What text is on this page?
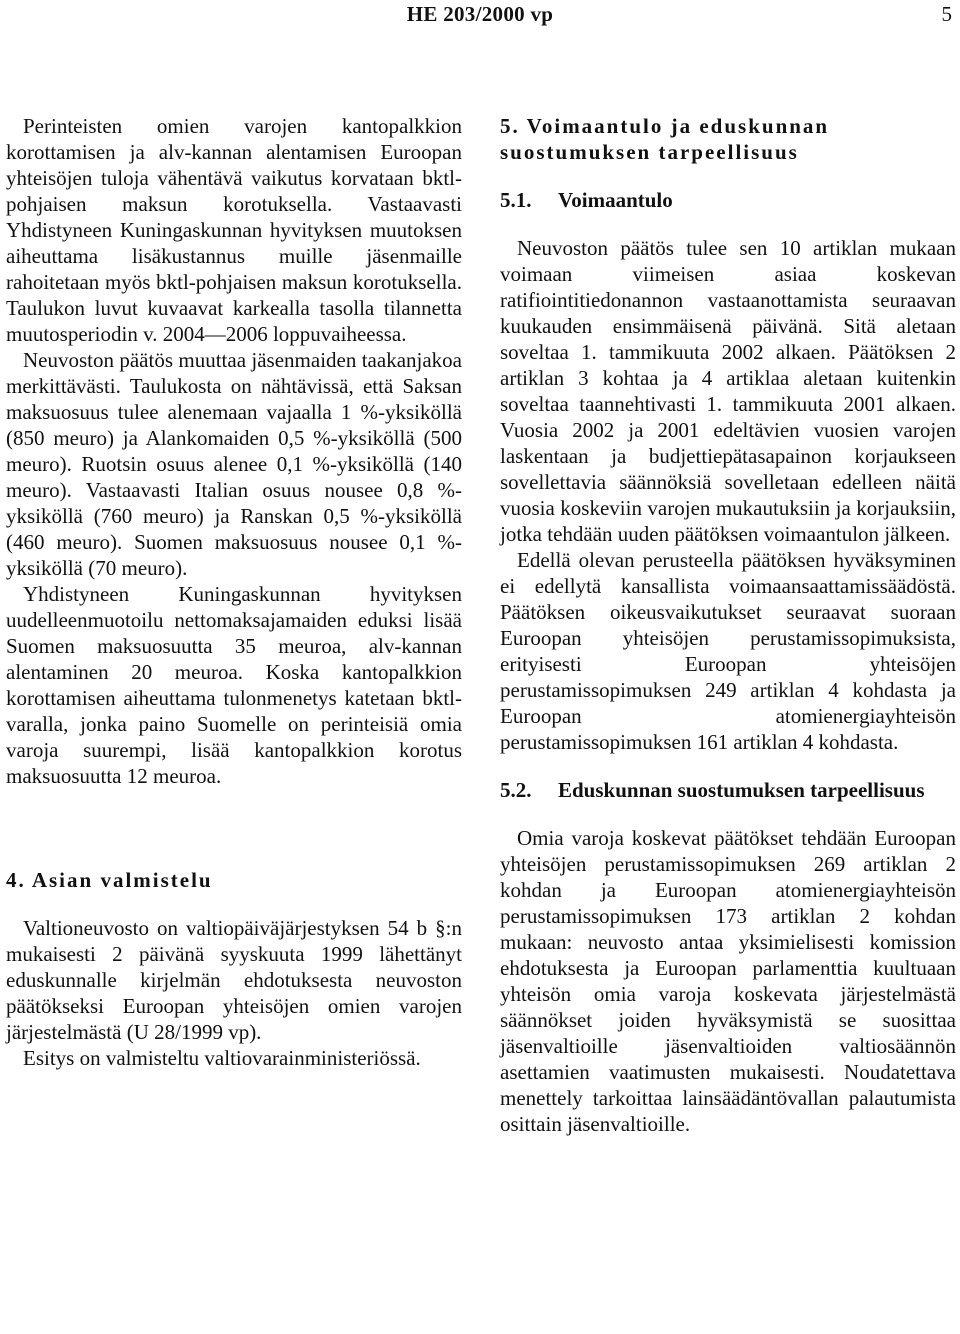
HE 203/2000 vp	5

Perinteisten omien varojen kantopalkkion korottamisen ja alv-kannan alentamisen Euroopan yhteisöjen tuloja vähentävä vaikutus korvataan bktl-pohjaisen maksun korotuksella. Vastaavasti Yhdistyneen Kuningaskunnan hyvityksen muutoksen aiheuttama lisäkustannus muille jäsenmaille rahoitetaan myös bktl-pohjaisen maksun korotuksella. Taulukon luvut kuvaavat karkealla tasolla tilannetta muutosperiodin v. 2004—2006 loppuvaiheessa.

Neuvoston päätös muuttaa jäsenmaiden taakanjakoa merkittävästi. Taulukosta on nähtävissä, että Saksan maksuosuus tulee alenemaan vajaalla 1 %-yksiköllä (850 meuro) ja Alankomaiden 0,5 %-yksiköllä (500 meuro). Ruotsin osuus alenee 0,1 %-yksiköllä (140 meuro). Vastaavasti Italian osuus nousee 0,8 %-yksiköllä (760 meuro) ja Ranskan 0,5 %-yksiköllä (460 meuro). Suomen maksuosuus nousee 0,1 %-yksiköllä (70 meuro).

Yhdistyneen Kuningaskunnan hyvityksen uudelleenmuotoilu nettomaksajamaiden eduksi lisää Suomen maksuosuutta 35 meuroa, alv-kannan alentaminen 20 meuroa. Koska kantopalkkion korottamisen aiheuttama tulonmenetys katetaan bktl-varalla, jonka paino Suomelle on perinteisiä omia varoja suurempi, lisää kantopalkkion korotus maksuosuutta 12 meuroa.

4. Asian valmistelu

Valtioneuvosto on valtiopäiväjärjestyksen 54 b §:n mukaisesti 2 päivänä syyskuuta 1999 lähettänyt eduskunnalle kirjelmän ehdotuksesta neuvoston päätökseksi Euroopan yhteisöjen omien varojen järjestelmästä (U 28/1999 vp).

Esitys on valmisteltu valtiovarainministeriössä.

5. Voimaantulo ja eduskunnan suostumuksen tarpeellisuus
5.1.	Voimaantulo

Neuvoston päätös tulee sen 10 artiklan mukaan voimaan viimeisen asiaa koskevan ratifiointitiedonannon vastaanottamista seuraavan kuukauden ensimmäisenä päivänä. Sitä aletaan soveltaa 1. tammikuuta 2002 alkaen. Päätöksen 2 artiklan 3 kohtaa ja 4 artiklaa aletaan kuitenkin soveltaa taannehtivasti 1. tammikuuta 2001 alkaen. Vuosia 2002 ja 2001 edeltävien vuosien varojen laskentaan ja budjettiepätasapainon korjaukseen sovellettavia säännöksiä sovelletaan edelleen näitä vuosia koskeviin varojen mukautuksiin ja korjauksiin, jotka tehdään uuden päätöksen voimaantulon jälkeen.

Edellä olevan perusteella päätöksen hyväksyminen ei edellytä kansallista voimaansaattamissäädöstä. Päätöksen oikeusvaikutukset seuraavat suoraan Euroopan yhteisöjen perustamissopimuksista, erityisesti Euroopan yhteisöjen perustamissopimuksen 249 artiklan 4 kohdasta ja Euroopan atomienergiayhteisön perustamissopimuksen 161 artiklan 4 kohdasta.

5.2.	Eduskunnan suostumuksen tarpeellisuus

Omia varoja koskevat päätökset tehdään Euroopan yhteisöjen perustamissopimuksen 269 artiklan 2 kohdan ja Euroopan atomienergiayhteisön perustamissopimuksen 173 artiklan 2 kohdan mukaan: neuvosto antaa yksimielisesti komission ehdotuksesta ja Euroopan parlamenttia kuultuaan yhteisön omia varoja koskevata järjestelmästä säännökset joiden hyväksymistä se suosittaa jäsenvaltioille jäsenvaltioiden valtiosäännön asettamien vaatimusten mukaisesti. Noudatettava menettely tarkoittaa lainsäädäntövallan palautumista osittain jäsenvaltioille.
